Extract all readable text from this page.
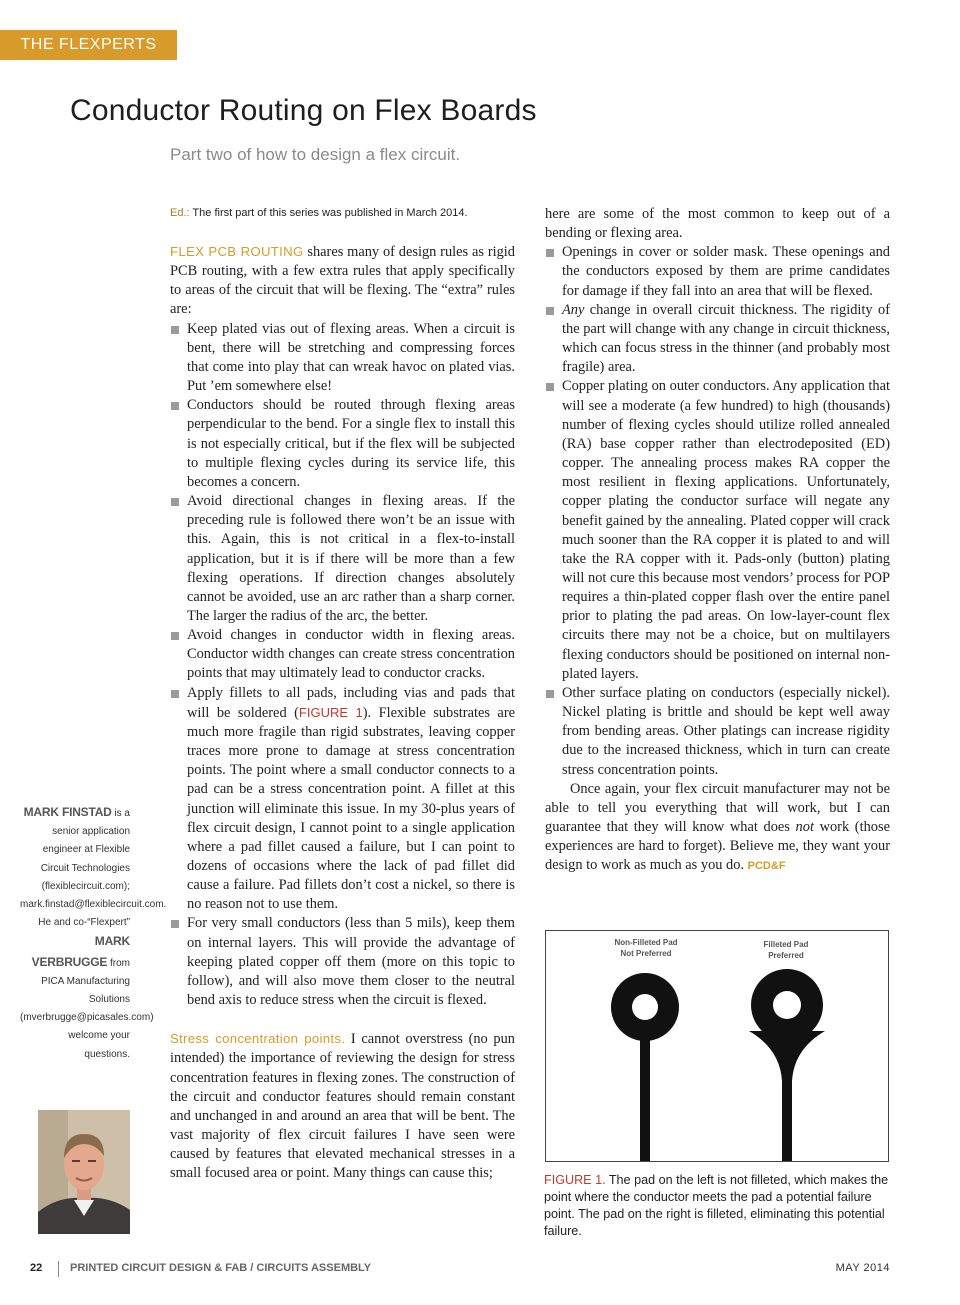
THE FLEXPERTS
Conductor Routing on Flex Boards
Part two of how to design a flex circuit.

Ed.: The first part of this series was published in March 2014.

FLEX PCB ROUTING shares many of design rules as rigid PCB routing, with a few extra rules that apply specifically to areas of the circuit that will be flexing. The “extra” rules are:

Keep plated vias out of flexing areas. When a circuit is bent, there will be stretching and compressing forces that come into play that can wreak havoc on plated vias. Put ’em somewhere else!
Conductors should be routed through flexing areas perpendicular to the bend. For a single flex to install this is not especially critical, but if the flex will be subjected to multiple flexing cycles during its service life, this becomes a concern.
Avoid directional changes in flexing areas. If the preceding rule is followed there won’t be an issue with this. Again, this is not critical in a flex-to-install application, but it is if there will be more than a few flexing operations. If direction changes absolutely cannot be avoided, use an arc rather than a sharp corner. The larger the radius of the arc, the better.
Avoid changes in conductor width in flexing areas. Conductor width changes can create stress concentration points that may ultimately lead to conductor cracks.
Apply fillets to all pads, including vias and pads that will be soldered (FIGURE 1). Flexible substrates are much more fragile than rigid substrates, leaving copper traces more prone to damage at stress concentration points. The point where a small conductor connects to a pad can be a stress concentration point. A fillet at this junction will eliminate this issue. In my 30-plus years of flex circuit design, I cannot point to a single application where a pad fillet caused a failure, but I can point to dozens of occasions where the lack of pad fillet did cause a failure. Pad fillets don’t cost a nickel, so there is no reason not to use them.
For very small conductors (less than 5 mils), keep them on internal layers. This will provide the advantage of keeping plated copper off them (more on this topic to follow), and will also move them closer to the neutral bend axis to reduce stress when the circuit is flexed.

Stress concentration points. I cannot overstress (no pun intended) the importance of reviewing the design for stress concentration features in flexing zones. The construction of the circuit and conductor features should remain constant and unchanged in and around an area that will be bent. The vast majority of flex circuit failures I have seen were caused by features that elevated mechanical stresses in a small focused area or point. Many things can cause this;

here are some of the most common to keep out of a bending or flexing area.

Openings in cover or solder mask. These openings and the conductors exposed by them are prime candidates for damage if they fall into an area that will be flexed.
Any change in overall circuit thickness. The rigidity of the part will change with any change in circuit thickness, which can focus stress in the thinner (and probably most fragile) area.
Copper plating on outer conductors. Any application that will see a moderate (a few hundred) to high (thousands) number of flexing cycles should utilize rolled annealed (RA) base copper rather than electrodeposited (ED) copper. The annealing process makes RA copper the most resilient in flexing applications. Unfortunately, copper plating the conductor surface will negate any benefit gained by the annealing. Plated copper will crack much sooner than the RA copper it is plated to and will take the RA copper with it. Pads-only (button) plating will not cure this because most vendors’ process for POP requires a thin-plated copper flash over the entire panel prior to plating the pad areas. On low-layer-count flex circuits there may not be a choice, but on multilayers flexing conductors should be positioned on internal non-plated layers.
Other surface plating on conductors (especially nickel). Nickel plating is brittle and should be kept well away from bending areas. Other platings can increase rigidity due to the increased thickness, which in turn can create stress concentration points.

Once again, your flex circuit manufacturer may not be able to tell you everything that will work, but I can guarantee that they will know what does not work (those experiences are hard to forget). Believe me, they want your design to work as much as you do. PCD&F

MARK FINSTAD is a senior application engineer at Flexible Circuit Technologies (flexiblecircuit.com); mark.finstad@flexiblecircuit.com. He and co-“Flexpert”
MARK VERBRUGGE from PICA Manufacturing Solutions (mverbrugge@picasales.com) welcome your questions.
Non-Filleted Pad
Not Preferred
Filleted Pad
Preferred
FIGURE 1. The pad on the left is not filleted, which makes the point where the conductor meets the pad a potential failure point. The pad on the right is filleted, eliminating this potential failure.
22	PRINTED CIRCUIT DESIGN & FAB / CIRCUITS ASSEMBLY	MAY 2014
